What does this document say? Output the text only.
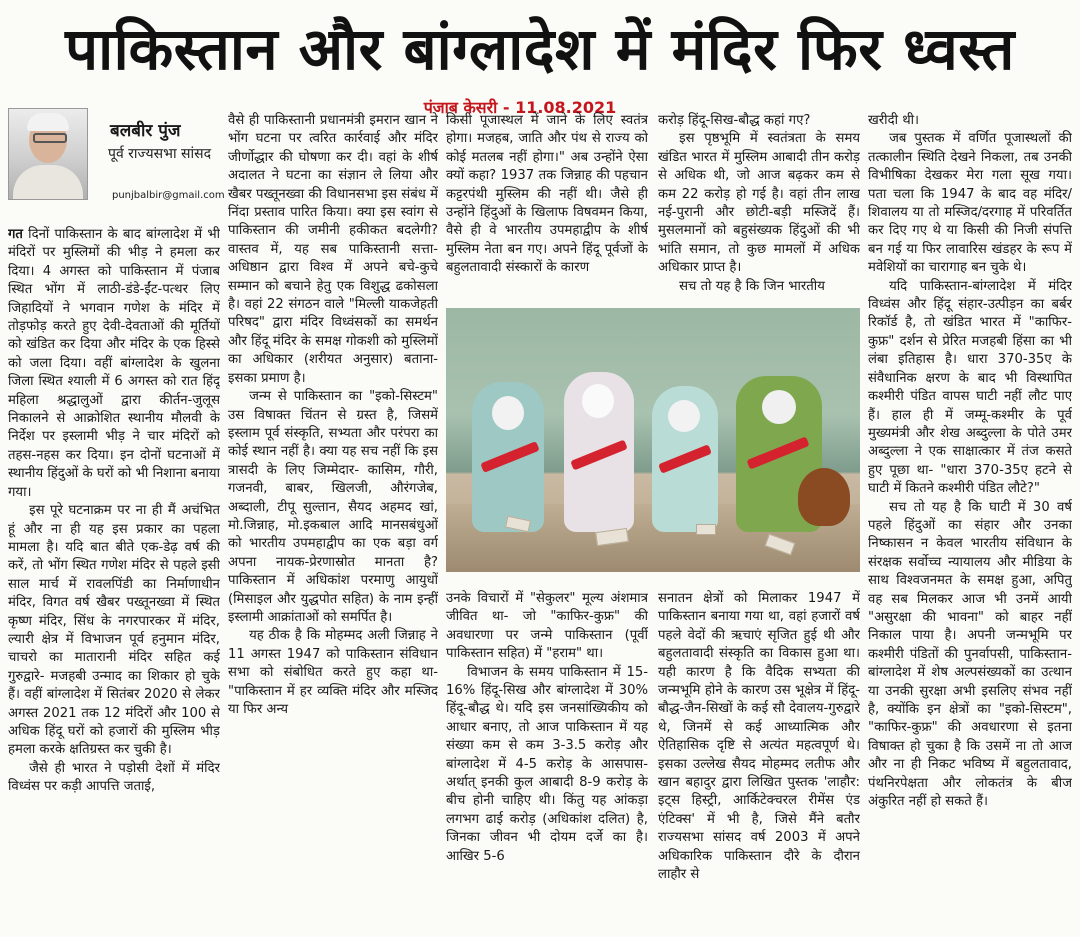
पाकिस्तान और बांग्लादेश में मंदिर फिर ध्वस्त
पंजाब केसरी - 11.08.2021
बलबीर पुंज
पूर्व राज्यसभा सांसद
punjbalbir@gmail.com

गत दिनों पाकिस्तान के बाद बांग्लादेश में भी मंदिरों पर मुस्लिमों की भीड़ ने हमला कर दिया। 4 अगस्त को पाकिस्तान में पंजाब स्थित भोंग में लाठी-डंडे-ईंट-पत्थर लिए जिहादियों ने भगवान गणेश के मंदिर में तोड़फोड़ करते हुए देवी-देवताओं की मूर्तियों को खंडित कर दिया और मंदिर के एक हिस्से को जला दिया। वहीं बांग्लादेश के खुलना जिला स्थित श्याली में 6 अगस्त को रात हिंदू महिला श्रद्धालुओं द्वारा कीर्तन-जुलूस निकालने से आक्रोशित स्थानीय मौलवी के निर्देश पर इस्लामी भीड़ ने चार मंदिरों को तहस-नहस कर दिया। इन दोनों घटनाओं में स्थानीय हिंदुओं के घरों को भी निशाना बनाया गया।

इस पूरे घटनाक्रम पर ना ही मैं अचंभित हूं और ना ही यह इस प्रकार का पहला मामला है। यदि बात बीते एक-डेढ़ वर्ष की करें, तो भोंग स्थित गणेश मंदिर से पहले इसी साल मार्च में रावलपिंडी का निर्माणाधीन मंदिर, विगत वर्ष खैबर पख्तूनख्वा में स्थित कृष्ण मंदिर, सिंध के नगरपारकर में मंदिर, ल्यारी क्षेत्र में विभाजन पूर्व हनुमान मंदिर, चाचरो का मातारानी मंदिर सहित कई गुरुद्वारे- मजहबी उन्माद का शिकार हो चुके हैं। वहीं बांग्लादेश में सितंबर 2020 से लेकर अगस्त 2021 तक 12 मंदिरों और 100 से अधिक हिंदू घरों को हजारों की मुस्लिम भीड़ हमला करके क्षतिग्रस्त कर चुकी है।

जैसे ही भारत ने पड़ोसी देशों में मंदिर विध्वंस पर कड़ी आपत्ति जताई,

वैसे ही पाकिस्तानी प्रधानमंत्री इमरान खान ने भोंग घटना पर त्वरित कार्रवाई और मंदिर जीर्णोद्धार की घोषणा कर दी। वहां के शीर्ष अदालत ने घटना का संज्ञान ले लिया और खैबर पख्तूनख्वा की विधानसभा इस संबंध में निंदा प्रस्ताव पारित किया। क्या इस स्वांग से पाकिस्तान की जमीनी हकीकत बदलेगी? वास्तव में, यह सब पाकिस्तानी सत्ता-अधिष्ठान द्वारा विश्व में अपने बचे-कुचे सम्मान को बचाने हेतु एक विशुद्ध ढकोसला है। वहां 22 संगठन वाले "मिल्ली याकजेहती परिषद" द्वारा मंदिर विध्वंसकों का समर्थन और हिंदू मंदिर के समक्ष गोकशी को मुस्लिमों का अधिकार (शरीयत अनुसार) बताना- इसका प्रमाण है।

जन्म से पाकिस्तान का "इको-सिस्टम" उस विषाक्त चिंतन से ग्रस्त है, जिसमें इस्लाम पूर्व संस्कृति, सभ्यता और परंपरा का कोई स्थान नहीं है। क्या यह सच नहीं कि इस त्रासदी के लिए जिम्मेदार- कासिम, गौरी, गजनवी, बाबर, खिलजी, औरंगजेब, अब्दाली, टीपू सुल्तान, सैयद अहमद खां, मो.जिन्नाह, मो.इकबाल आदि मानसबंधुओं को भारतीय उपमहाद्वीप का एक बड़ा वर्ग अपना नायक-प्रेरणास्रोत मानता है? पाकिस्तान में अधिकांश परमाणु आयुधों (मिसाइल और युद्धपोत सहित) के नाम इन्हीं इस्लामी आक्रांताओं को समर्पित है।

यह ठीक है कि मोहम्मद अली जिन्नाह ने 11 अगस्त 1947 को पाकिस्तान संविधान सभा को संबोधित करते हुए कहा था- "पाकिस्तान में हर व्यक्ति मंदिर और मस्जिद या फिर अन्य

किसी पूजास्थल में जाने के लिए स्वतंत्र होगा। मजहब, जाति और पंथ से राज्य को कोई मतलब नहीं होगा।" अब उन्होंने ऐसा क्यों कहा? 1937 तक जिन्नाह की पहचान कट्टरपंथी मुस्लिम की नहीं थी। जैसे ही उन्होंने हिंदुओं के खिलाफ विषवमन किया, वैसे ही वे भारतीय उपमहाद्वीप के शीर्ष मुस्लिम नेता बन गए। अपने हिंदू पूर्वजों के बहुलतावादी संस्कारों के कारण

करोड़ हिंदू-सिख-बौद्ध कहां गए?

इस पृष्ठभूमि में स्वतंत्रता के समय खंडित भारत में मुस्लिम आबादी तीन करोड़ से अधिक थी, जो आज बढ़कर कम से कम 22 करोड़ हो गई है। वहां तीन लाख नई-पुरानी और छोटी-बड़ी मस्जिदें हैं। मुसलमानों को बहुसंख्यक हिंदुओं की भी भांति समान, तो कुछ मामलों में अधिक अधिकार प्राप्त है।

सच तो यह है कि जिन भारतीय

उनके विचारों में "सेकुलर" मूल्य अंशमात्र जीवित था- जो "काफिर-कुफ्र" की अवधारणा पर जन्मे पाकिस्तान (पूर्वी पाकिस्तान सहित) में "हराम" था।

विभाजन के समय पाकिस्तान में 15-16% हिंदू-सिख और बांग्लादेश में 30% हिंदू-बौद्ध थे। यदि इस जनसांख्यिकीय को आधार बनाए, तो आज पाकिस्तान में यह संख्या कम से कम 3-3.5 करोड़ और बांग्लादेश में 4-5 करोड़ के आसपास- अर्थात् इनकी कुल आबादी 8-9 करोड़ के बीच होनी चाहिए थी। किंतु यह आंकड़ा लगभग ढाई करोड़ (अधिकांश दलित) है, जिनका जीवन भी दोयम दर्जे का है। आखिर 5-6

सनातन क्षेत्रों को मिलाकर 1947 में पाकिस्तान बनाया गया था, वहां हजारों वर्ष पहले वेदों की ऋचाएं सृजित हुई थी और बहुलतावादी संस्कृति का विकास हुआ था। यही कारण है कि वैदिक सभ्यता की जन्मभूमि होने के कारण उस भूक्षेत्र में हिंदू-बौद्ध-जैन-सिखों के कई सौ देवालय-गुरुद्वारे थे, जिनमें से कई आध्यात्मिक और ऐतिहासिक दृष्टि से अत्यंत महत्वपूर्ण थे। इसका उल्लेख सैयद मोहम्मद लतीफ और खान बहादुर द्वारा लिखित पुस्तक 'लाहौर: इट्स हिस्ट्री, आर्किटेक्चरल रीमेंस एंड एंटिक्स' में भी है, जिसे मैंने बतौर राज्यसभा सांसद वर्ष 2003 में अपने अधिकारिक पाकिस्तान दौरे के दौरान लाहौर से

खरीदी थी।

जब पुस्तक में वर्णित पूजास्थलों की तत्कालीन स्थिति देखने निकला, तब उनकी विभीषिका देखकर मेरा गला सूख गया। पता चला कि 1947 के बाद वह मंदिर/शिवालय या तो मस्जिद/दरगाह में परिवर्तित कर दिए गए थे या किसी की निजी संपत्ति बन गई या फिर लावारिस खंडहर के रूप में मवेशियों का चारागाह बन चुके थे।

यदि पाकिस्तान-बांग्लादेश में मंदिर विध्वंस और हिंदू संहार-उत्पीड़न का बर्बर रिकॉर्ड है, तो खंडित भारत में "काफिर-कुफ्र" दर्शन से प्रेरित मजहबी हिंसा का भी लंबा इतिहास है। धारा 370-35ए के संवैधानिक क्षरण के बाद भी विस्थापित कश्मीरी पंडित वापस घाटी नहीं लौट पाए हैं। हाल ही में जम्मू-कश्मीर के पूर्व मुख्यमंत्री और शेख अब्दुल्ला के पोते उमर अब्दुल्ला ने एक साक्षात्कार में तंज कसते हुए पूछा था- "धारा 370-35ए हटने से घाटी में कितने कश्मीरी पंडित लौटे?"

सच तो यह है कि घाटी में 30 वर्ष पहले हिंदुओं का संहार और उनका निष्कासन न केवल भारतीय संविधान के संरक्षक सर्वोच्च न्यायालय और मीडिया के साथ विश्वजनमत के समक्ष हुआ, अपितु वह सब मिलकर आज भी उनमें आयी "असुरक्षा की भावना" को बाहर नहीं निकाल पाया है। अपनी जन्मभूमि पर कश्मीरी पंडितों की पुनर्वापसी, पाकिस्तान-बांग्लादेश में शेष अल्पसंख्यकों का उत्थान या उनकी सुरक्षा अभी इसलिए संभव नहीं है, क्योंकि इन क्षेत्रों का "इको-सिस्टम", "काफिर-कुफ्र" की अवधारणा से इतना विषाक्त हो चुका है कि उसमें ना तो आज और ना ही निकट भविष्य में बहुलतावाद, पंथनिरपेक्षता और लोकतंत्र के बीज अंकुरित नहीं हो सकते हैं।
